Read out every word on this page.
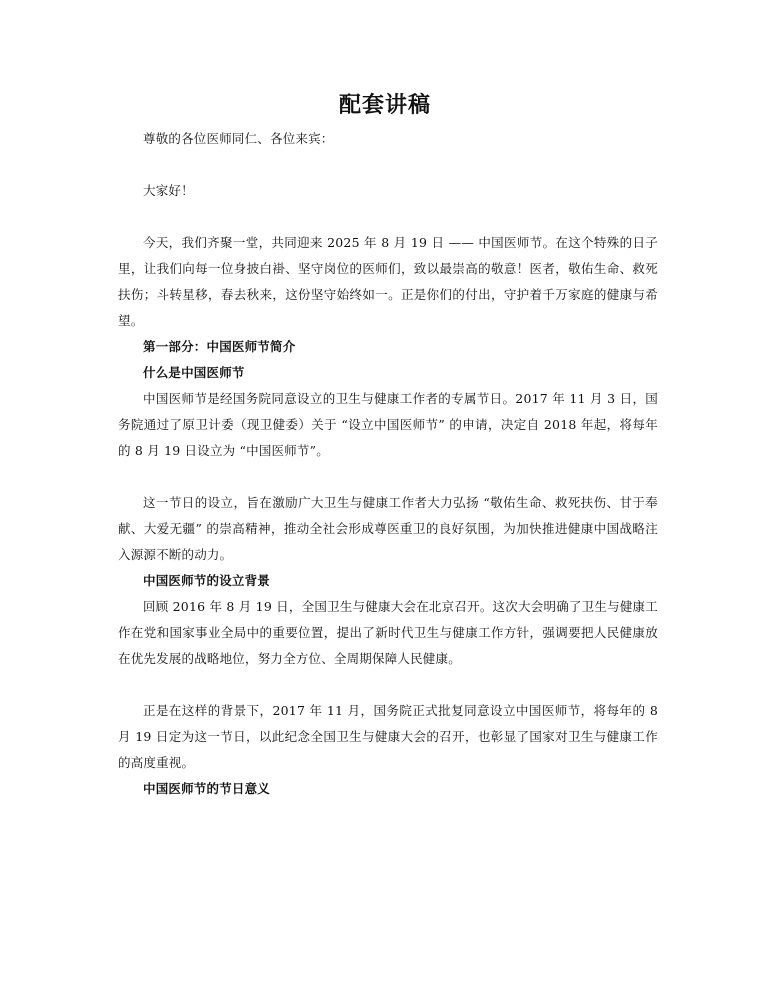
配套讲稿

尊敬的各位医师同仁、各位来宾：

大家好！

今天，我们齐聚一堂，共同迎来 2025 年 8 月 19 日 —— 中国医师节。在这个特殊的日子里，让我们向每一位身披白褂、坚守岗位的医师们，致以最崇高的敬意！医者，敬佑生命、救死扶伤；斗转星移，春去秋来，这份坚守始终如一。正是你们的付出，守护着千万家庭的健康与希望。

第一部分：中国医师节简介

什么是中国医师节

中国医师节是经国务院同意设立的卫生与健康工作者的专属节日。2017 年 11 月 3 日，国务院通过了原卫计委（现卫健委）关于 “设立中国医师节” 的申请，决定自 2018 年起，将每年的 8 月 19 日设立为 “中国医师节”。

这一节日的设立，旨在激励广大卫生与健康工作者大力弘扬 “敬佑生命、救死扶伤、甘于奉献、大爱无疆” 的崇高精神，推动全社会形成尊医重卫的良好氛围，为加快推进健康中国战略注入源源不断的动力。

中国医师节的设立背景

回顾 2016 年 8 月 19 日，全国卫生与健康大会在北京召开。这次大会明确了卫生与健康工作在党和国家事业全局中的重要位置，提出了新时代卫生与健康工作方针，强调要把人民健康放在优先发展的战略地位，努力全方位、全周期保障人民健康。

正是在这样的背景下，2017 年 11 月，国务院正式批复同意设立中国医师节，将每年的 8 月 19 日定为这一节日，以此纪念全国卫生与健康大会的召开，也彰显了国家对卫生与健康工作的高度重视。

中国医师节的节日意义
